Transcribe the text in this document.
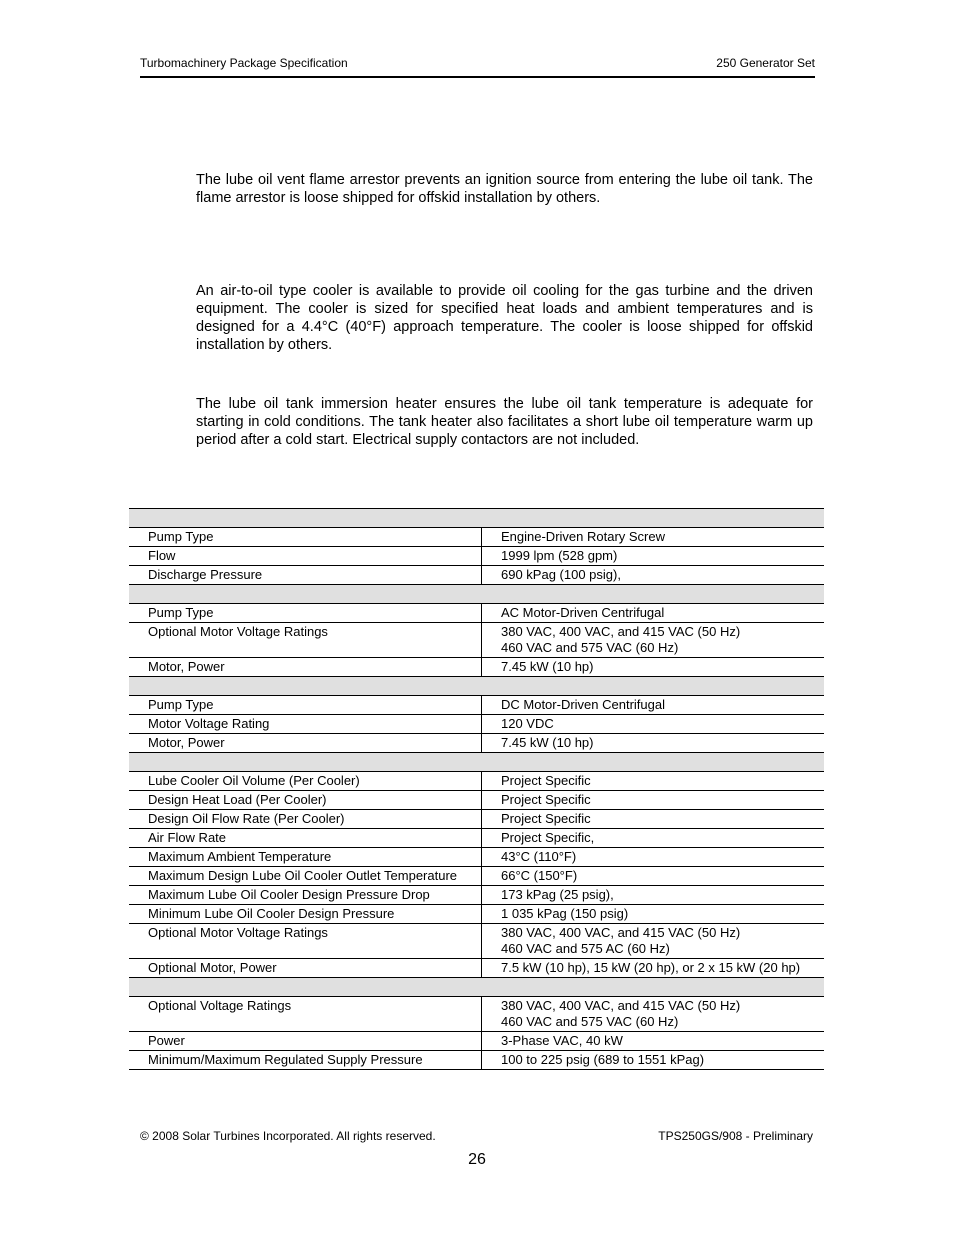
Turbomachinery Package Specification	250 Generator Set

The lube oil vent flame arrestor prevents an ignition source from entering the lube oil tank. The flame arrestor is loose shipped for offskid installation by others.

An air-to-oil type cooler is available to provide oil cooling for the gas turbine and the driven equipment. The cooler is sized for specified heat loads and ambient temperatures and is designed for a 4.4°C (40°F) approach temperature. The cooler is loose shipped for offskid installation by others.

The lube oil tank immersion heater ensures the lube oil tank temperature is adequate for starting in cold conditions. The tank heater also facilitates a short lube oil temperature warm up period after a cold start. Electrical supply contactors are not included.

Pump Type	Engine-Driven Rotary Screw

Flow	1999 lpm (528 gpm)

Discharge Pressure	690 kPag (100 psig),

Pump Type	AC Motor-Driven Centrifugal

Optional Motor Voltage Ratings	380 VAC, 400 VAC, and 415 VAC (50 Hz)
460 VAC and 575 VAC (60 Hz)

Motor, Power	7.45 kW (10 hp)

Pump Type	DC Motor-Driven Centrifugal

Motor Voltage Rating	120 VDC

Motor, Power	7.45 kW (10 hp)

Lube Cooler Oil Volume (Per Cooler)	Project Specific

Design Heat Load (Per Cooler)	Project Specific

Design Oil Flow Rate (Per Cooler)	Project Specific

Air Flow Rate	Project Specific,

Maximum Ambient Temperature	43°C (110°F)

Maximum Design Lube Oil Cooler Outlet Temperature	66°C (150°F)

Maximum Lube Oil Cooler Design Pressure Drop	173 kPag (25 psig),

Minimum Lube Oil Cooler Design Pressure	1 035 kPag (150 psig)

Optional Motor Voltage Ratings	380 VAC, 400 VAC, and 415 VAC (50 Hz)
460 VAC and 575 AC (60 Hz)

Optional Motor, Power	7.5 kW (10 hp), 15 kW (20 hp), or 2 x 15 kW (20 hp)

Optional Voltage Ratings	380 VAC, 400 VAC, and 415 VAC (50 Hz)
460 VAC and 575 VAC (60 Hz)

Power	3-Phase VAC, 40 kW

Minimum/Maximum Regulated Supply Pressure	100 to 225 psig (689 to 1551 kPag)
© 2008 Solar Turbines Incorporated. All rights reserved.	TPS250GS/908 - Preliminary
26
